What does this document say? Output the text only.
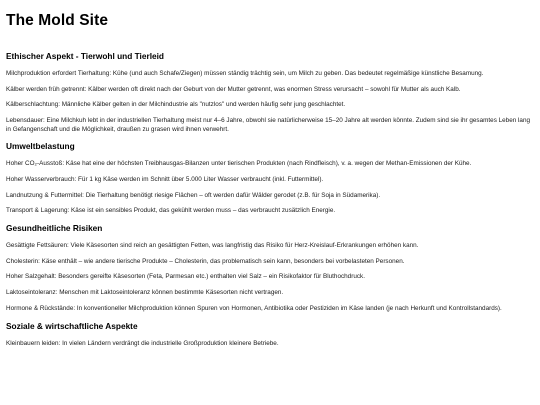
The Mold Site
Ethischer Aspekt - Tierwohl und Tierleid

Milchproduktion erfordert Tierhaltung: Kühe (und auch Schafe/Ziegen) müssen ständig trächtig sein, um Milch zu geben. Das bedeutet regelmäßige künstliche Besamung.

Kälber werden früh getrennt: Kälber werden oft direkt nach der Geburt von der Mutter getrennt, was enormen Stress verursacht – sowohl für Mutter als auch Kalb.

Kälberschlachtung: Männliche Kälber gelten in der Milchindustrie als "nutzlos" und werden häufig sehr jung geschlachtet.

Lebensdauer: Eine Milchkuh lebt in der industriellen Tierhaltung meist nur 4–6 Jahre, obwohl sie natürlicherweise 15–20 Jahre alt werden könnte. Zudem sind sie ihr gesamtes Leben lang in Gefangenschaft und die Möglichkeit, draußen zu grasen wird ihnen verwehrt.

Umweltbelastung

Hoher CO₂-Ausstoß: Käse hat eine der höchsten Treibhausgas-Bilanzen unter tierischen Produkten (nach Rindfleisch), v. a. wegen der Methan-Emissionen der Kühe.

Hoher Wasserverbrauch: Für 1 kg Käse werden im Schnitt über 5.000 Liter Wasser verbraucht (inkl. Futtermittel).

Landnutzung & Futtermittel: Die Tierhaltung benötigt riesige Flächen – oft werden dafür Wälder gerodet (z.B. für Soja in Südamerika).

Transport & Lagerung: Käse ist ein sensibles Produkt, das gekühlt werden muss – das verbraucht zusätzlich Energie.

Gesundheitliche Risiken

Gesättigte Fettsäuren: Viele Käsesorten sind reich an gesättigten Fetten, was langfristig das Risiko für Herz-Kreislauf-Erkrankungen erhöhen kann.

Cholesterin: Käse enthält – wie andere tierische Produkte – Cholesterin, das problematisch sein kann, besonders bei vorbelasteten Personen.

Hoher Salzgehalt: Besonders gereifte Käsesorten (Feta, Parmesan etc.) enthalten viel Salz – ein Risikofaktor für Bluthochdruck.

Laktoseintoleranz: Menschen mit Laktoseintoleranz können bestimmte Käsesorten nicht vertragen.

Hormone & Rückstände: In konventioneller Milchproduktion können Spuren von Hormonen, Antibiotika oder Pestiziden im Käse landen (je nach Herkunft und Kontrollstandards).

Soziale & wirtschaftliche Aspekte

Kleinbauern leiden: In vielen Ländern verdrängt die industrielle Großproduktion kleinere Betriebe.
